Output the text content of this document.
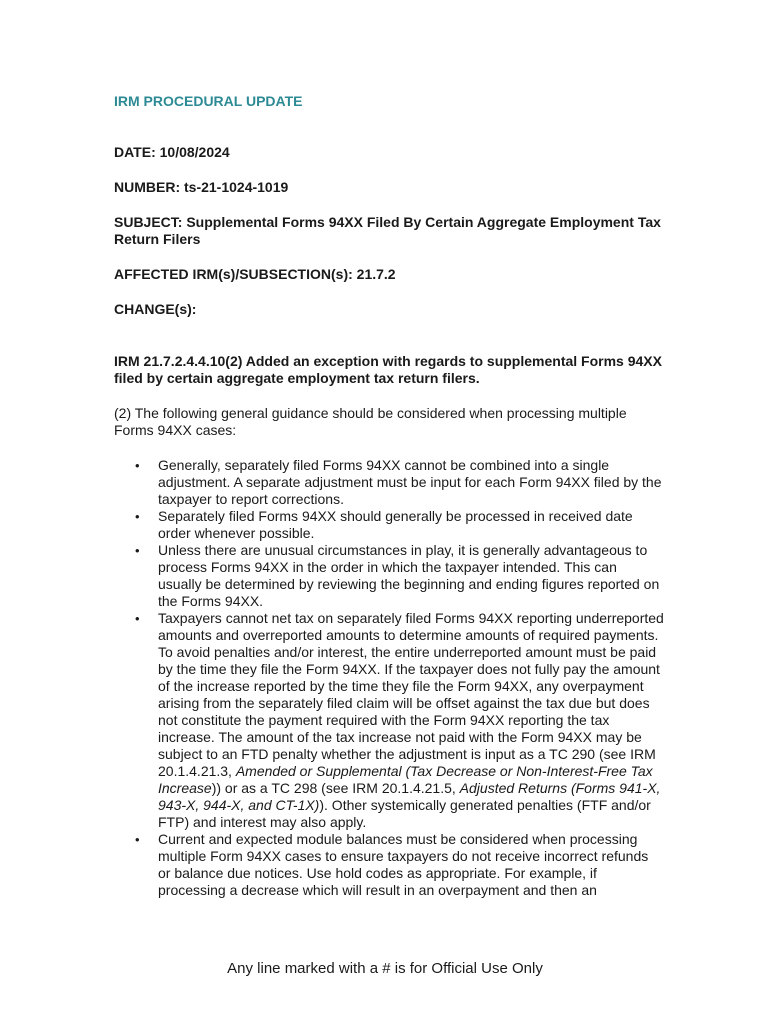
IRM PROCEDURAL UPDATE

DATE: 10/08/2024

NUMBER: ts-21-1024-1019

SUBJECT: Supplemental Forms 94XX Filed By Certain Aggregate Employment Tax Return Filers

AFFECTED IRM(s)/SUBSECTION(s): 21.7.2

CHANGE(s):

IRM 21.7.2.4.4.10(2) Added an exception with regards to supplemental Forms 94XX filed by certain aggregate employment tax return filers.

(2) The following general guidance should be considered when processing multiple Forms 94XX cases:

• Generally, separately filed Forms 94XX cannot be combined into a single adjustment. A separate adjustment must be input for each Form 94XX filed by the taxpayer to report corrections.
• Separately filed Forms 94XX should generally be processed in received date order whenever possible.
• Unless there are unusual circumstances in play, it is generally advantageous to process Forms 94XX in the order in which the taxpayer intended. This can usually be determined by reviewing the beginning and ending figures reported on the Forms 94XX.
• Taxpayers cannot net tax on separately filed Forms 94XX reporting underreported amounts and overreported amounts to determine amounts of required payments. To avoid penalties and/or interest, the entire underreported amount must be paid by the time they file the Form 94XX. If the taxpayer does not fully pay the amount of the increase reported by the time they file the Form 94XX, any overpayment arising from the separately filed claim will be offset against the tax due but does not constitute the payment required with the Form 94XX reporting the tax increase. The amount of the tax increase not paid with the Form 94XX may be subject to an FTD penalty whether the adjustment is input as a TC 290 (see IRM 20.1.4.21.3, Amended or Supplemental (Tax Decrease or Non-Interest-Free Tax Increase)) or as a TC 298 (see IRM 20.1.4.21.5, Adjusted Returns (Forms 941-X, 943-X, 944-X, and CT-1X)). Other systemically generated penalties (FTF and/or FTP) and interest may also apply.
• Current and expected module balances must be considered when processing multiple Form 94XX cases to ensure taxpayers do not receive incorrect refunds or balance due notices. Use hold codes as appropriate. For example, if processing a decrease which will result in an overpayment and then an
Any line marked with a # is for Official Use Only
